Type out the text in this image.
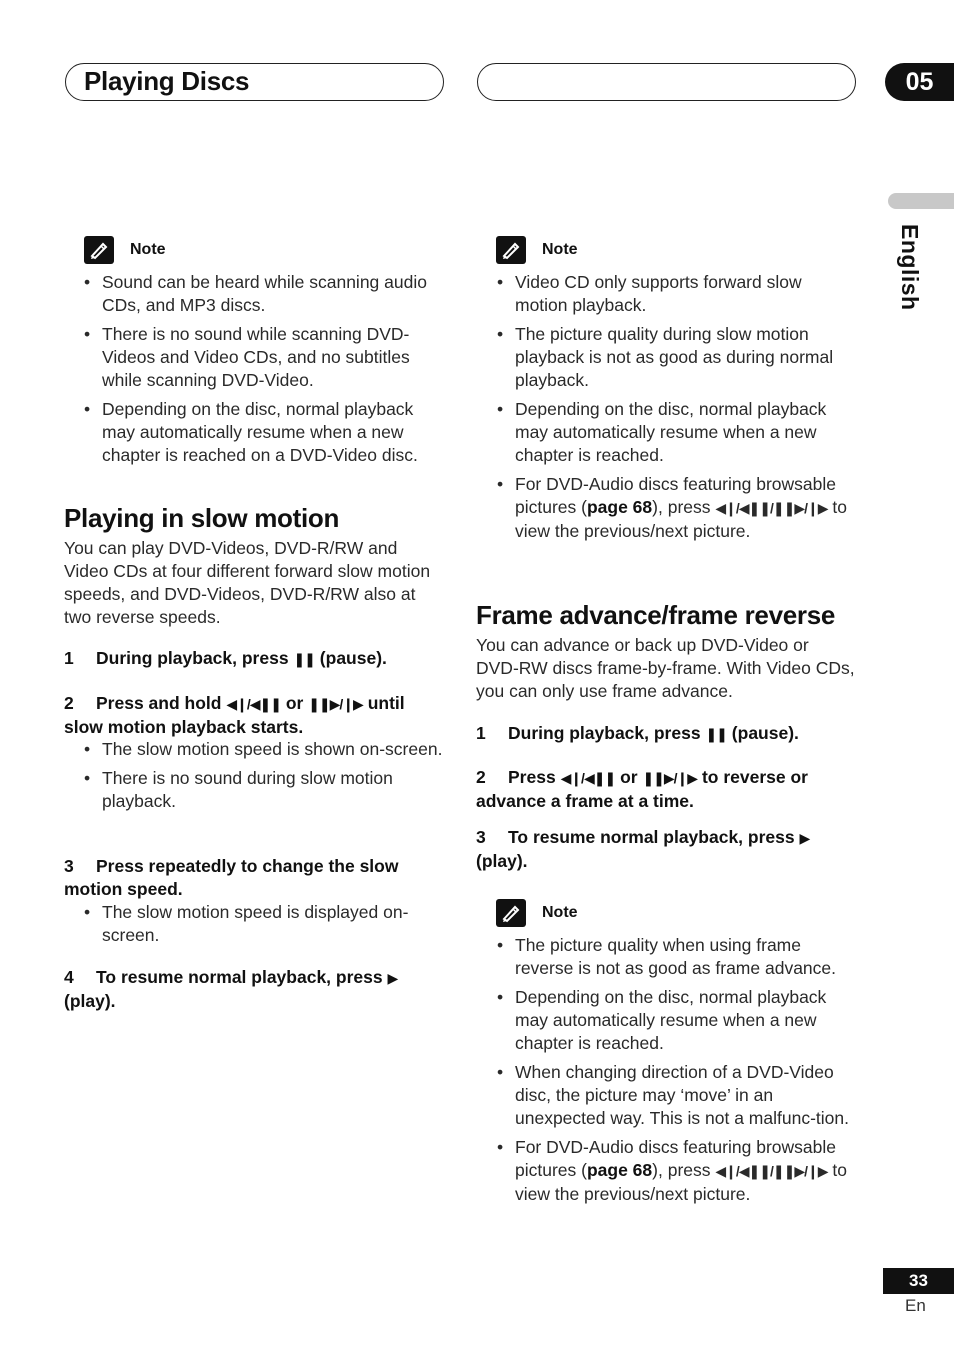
Playing Discs	05
English
Note
• Sound can be heard while scanning audio CDs, and MP3 discs.
• There is no sound while scanning DVD-Videos and Video CDs, and no subtitles while scanning DVD-Video.
• Depending on the disc, normal playback may automatically resume when a new chapter is reached on a DVD-Video disc.
Playing in slow motion
You can play DVD-Videos, DVD-R/RW and Video CDs at four different forward slow motion speeds, and DVD-Videos, DVD-R/RW also at two reverse speeds.
1 During playback, press ❚❚ (pause).
2 Press and hold ◀❙/◀❚❚ or ❚❚▶/❙▶ until slow motion playback starts.
• The slow motion speed is shown on-screen.
• There is no sound during slow motion playback.
3 Press repeatedly to change the slow motion speed.
• The slow motion speed is displayed on-screen.
4 To resume normal playback, press ▶ (play).
Note
• Video CD only supports forward slow motion playback.
• The picture quality during slow motion playback is not as good as during normal playback.
• Depending on the disc, normal playback may automatically resume when a new chapter is reached.
• For DVD-Audio discs featuring browsable pictures (page 68), press ◀❙/◀❚❚/❚❚▶/❙▶ to view the previous/next picture.
Frame advance/frame reverse
You can advance or back up DVD-Video or DVD-RW discs frame-by-frame. With Video CDs, you can only use frame advance.
1 During playback, press ❚❚ (pause).
2 Press ◀❙/◀❚❚ or ❚❚▶/❙▶ to reverse or advance a frame at a time.
3 To resume normal playback, press ▶ (play).
Note
• The picture quality when using frame reverse is not as good as frame advance.
• Depending on the disc, normal playback may automatically resume when a new chapter is reached.
• When changing direction of a DVD-Video disc, the picture may ‘move’ in an unexpected way. This is not a malfunc-tion.
• For DVD-Audio discs featuring browsable pictures (page 68), press ◀❙/◀❚❚/❚❚▶/❙▶ to view the previous/next picture.
33
En
